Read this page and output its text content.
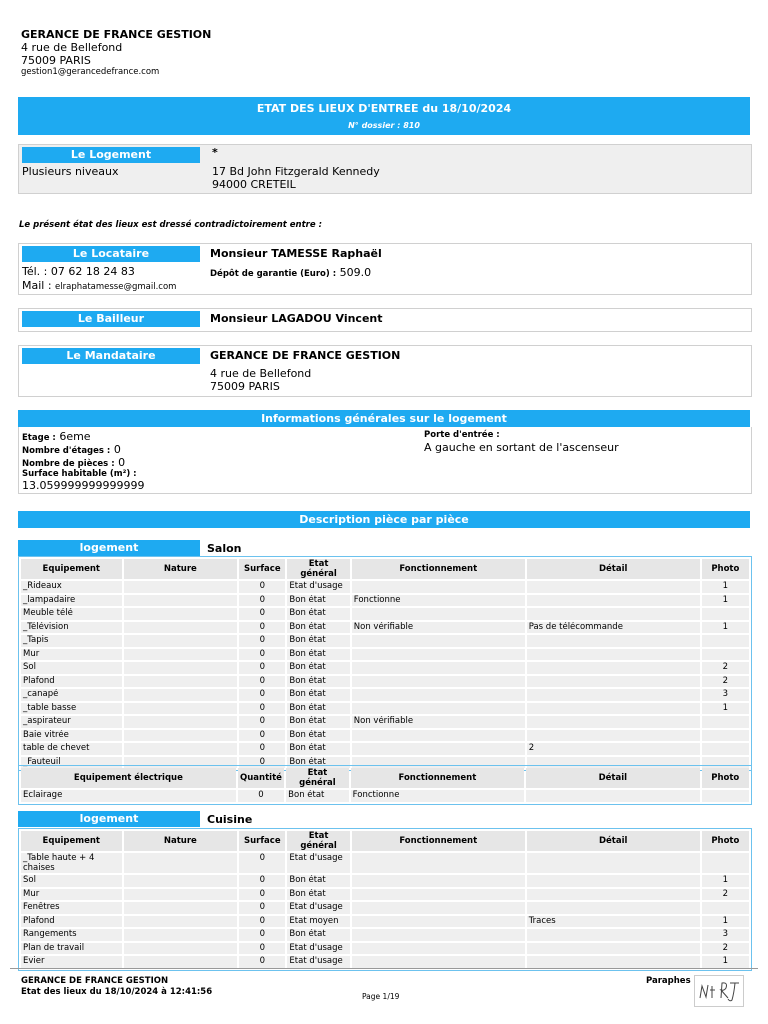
GERANCE DE FRANCE GESTION
4 rue de Bellefond
75009 PARIS
gestion1@gerancedefrance.com
ETAT DES LIEUX D'ENTREE du 18/10/2024
N° dossier : 810
Le Logement	*
Plusieurs niveaux	17 Bd John Fitzgerald Kennedy
94000 CRETEIL
Le présent état des lieux est dressé contradictoirement entre :
Le Locataire	Monsieur TAMESSE Raphaël
Tél. : 07 62 18 24 83
Mail : elraphatamesse@gmail.com
Dépôt de garantie (Euro) : 509.0
Le Bailleur	Monsieur LAGADOU Vincent
Le Mandataire	GERANCE DE FRANCE GESTION
4 rue de Bellefond
75009 PARIS
Informations générales sur le logement
Etage : 6eme
Nombre d'étages : 0
Nombre de pièces : 0
Surface habitable (m²) :
13.059999999999999
Porte d'entrée :
A gauche en sortant de l'ascenseur
Description pièce par pièce
logement	Salon
Equipement	Nature	Surface	Etat général	Fonctionnement	Détail	Photo
_Rideaux		0	Etat d'usage			1
_lampadaire		0	Bon état	Fonctionne		1
Meuble télé		0	Bon état			
_Télévision		0	Bon état	Non vérifiable	Pas de télécommande	1
_Tapis		0	Bon état			
Mur		0	Bon état			
Sol		0	Bon état			2
Plafond		0	Bon état			2
_canapé		0	Bon état			3
_table basse		0	Bon état			1
_aspirateur		0	Bon état	Non vérifiable		
Baie vitrée		0	Bon état			
table de chevet		0	Bon état		2	
_Fauteuil		0	Bon état			
Equipement électrique	Quantité	Etat général	Fonctionnement	Détail	Photo
Éclairage	0	Bon état	Fonctionne		
logement	Cuisine
Equipement	Nature	Surface	Etat général	Fonctionnement	Détail	Photo
_Table haute + 4 chaises		0	Etat d'usage			
Sol		0	Bon état			1
Mur		0	Bon état			2
Fenêtres		0	Etat d'usage			
Plafond		0	Etat moyen		Traces	1
Rangements		0	Bon état			3
Plan de travail		0	Etat d'usage			2
Evier		0	Etat d'usage			1
GERANCE DE FRANCE GESTION
Etat des lieux du 18/10/2024 à 12:41:56	Page 1/19
Paraphes
